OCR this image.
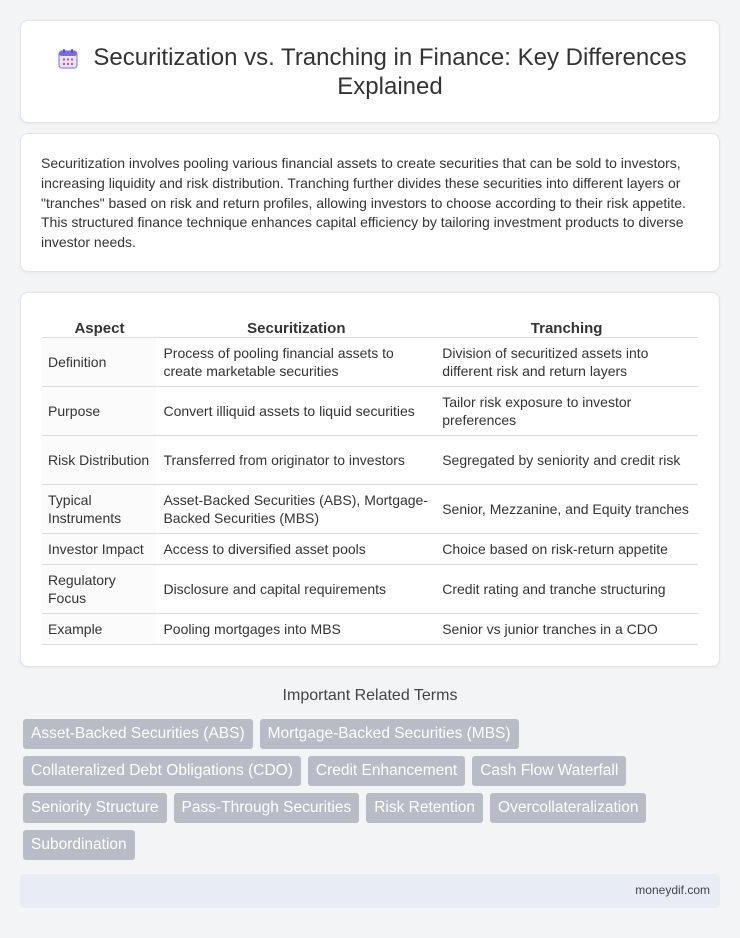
Securitization vs. Tranching in Finance: Key Differences Explained

Securitization involves pooling various financial assets to create securities that can be sold to investors, increasing liquidity and risk distribution. Tranching further divides these securities into different layers or "tranches" based on risk and return profiles, allowing investors to choose according to their risk appetite. This structured finance technique enhances capital efficiency by tailoring investment products to diverse investor needs.

Aspect	Securitization	Tranching
Definition	Process of pooling financial assets to create marketable securities	Division of securitized assets into different risk and return layers
Purpose	Convert illiquid assets to liquid securities	Tailor risk exposure to investor preferences
Risk Distribution	Transferred from originator to investors	Segregated by seniority and credit risk
Typical Instruments	Asset-Backed Securities (ABS), Mortgage-Backed Securities (MBS)	Senior, Mezzanine, and Equity tranches
Investor Impact	Access to diversified asset pools	Choice based on risk-return appetite
Regulatory Focus	Disclosure and capital requirements	Credit rating and tranche structuring
Example	Pooling mortgages into MBS	Senior vs junior tranches in a CDO
Important Related Terms
Asset-Backed Securities (ABS)	Mortgage-Backed Securities (MBS)
Collateralized Debt Obligations (CDO)	Credit Enhancement	Cash Flow Waterfall
Seniority Structure	Pass-Through Securities	Risk Retention	Overcollateralization
Subordination
moneydif.com
